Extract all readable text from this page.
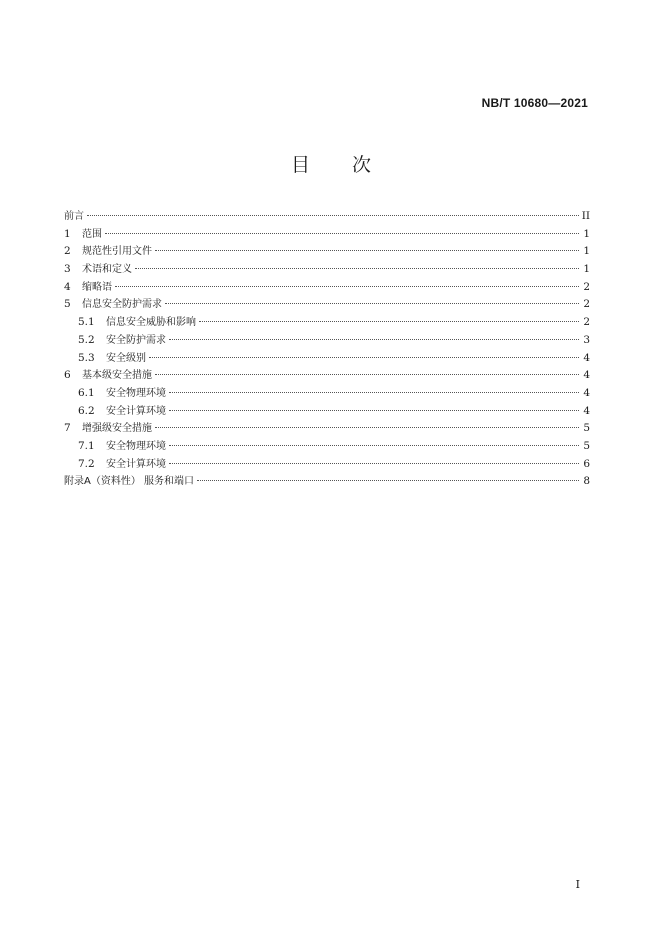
NB/T 10680—2021
目次
前言	II
1	范围	1
2	规范性引用文件	1
3	术语和定义	1
4	缩略语	2
5	信息安全防护需求	2
5.1	信息安全威胁和影响	2
5.2	安全防护需求	3
5.3	安全级别	4
6	基本级安全措施	4
6.1	安全物理环境	4
6.2	安全计算环境	4
7	增强级安全措施	5
7.1	安全物理环境	5
7.2	安全计算环境	6
附录A（资料性） 服务和端口	8
I
